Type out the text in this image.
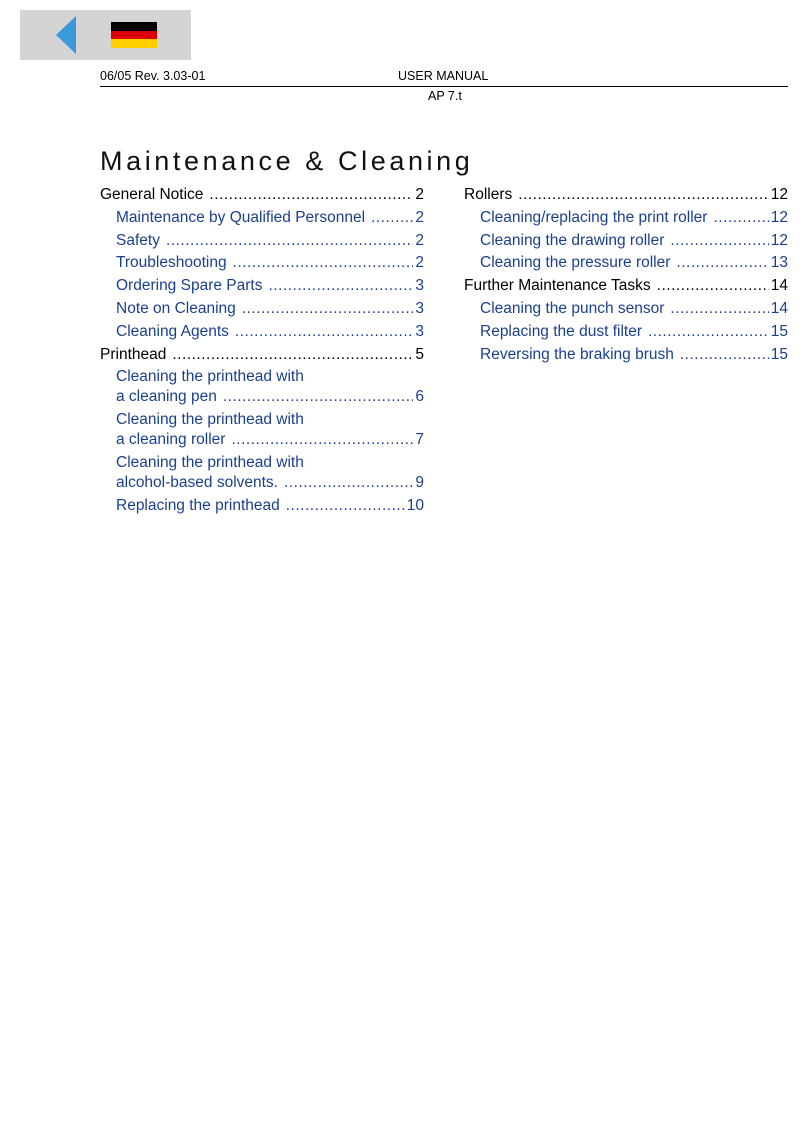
06/05 Rev. 3.03-01	USER MANUAL
AP 7.t
Maintenance & Cleaning
General Notice . . .	2
Maintenance by Qualified Personnel . . .	2
Safety . . .	2
Troubleshooting . . .	2
Ordering Spare Parts . . .	3
Note on Cleaning . . .	3
Cleaning Agents . . .	3
Printhead . . .	5
Cleaning the printhead with
a cleaning pen . . .	6
Cleaning the printhead with
a cleaning roller . . .	7
Cleaning the printhead with
alcohol-based solvents. . . .	9
Replacing the printhead . . .	10
Rollers . . .	12
Cleaning/replacing the print roller . . .	12
Cleaning the drawing roller . . .	12
Cleaning the pressure roller . . .	13
Further Maintenance Tasks . . .	14
Cleaning the punch sensor . . .	14
Replacing the dust filter . . .	15
Reversing the braking brush . . .	15
